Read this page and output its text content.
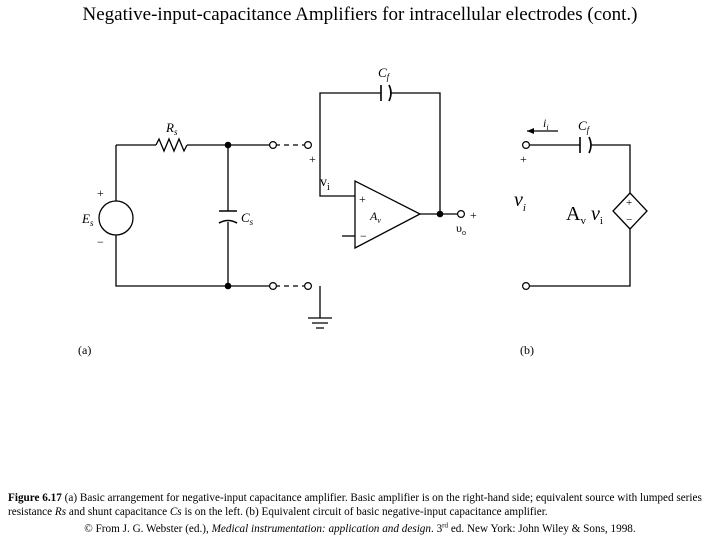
Negative-input-capacitance Amplifiers for intracellular electrodes (cont.)
$C_f$
$R_s$
$E_s$	$C_s$
$v_i$
$A_v$
$\upsilon_o$
+
−
+
+
−
+
(a)
$C_f$
$i_i$
+
$v_i$ $A_v$ $v_i$
+
−
(b)
Figure 6.17 (a) Basic arrangement for negative-input capacitance amplifier. Basic amplifier is on the right-hand side; equivalent source with lumped series resistance Rs and shunt capacitance Cs is on the left. (b) Equivalent circuit of basic negative-input capacitance amplifier.
© From J. G. Webster (ed.), Medical instrumentation: application and design. 3rd ed. New York: John Wiley & Sons, 1998.
